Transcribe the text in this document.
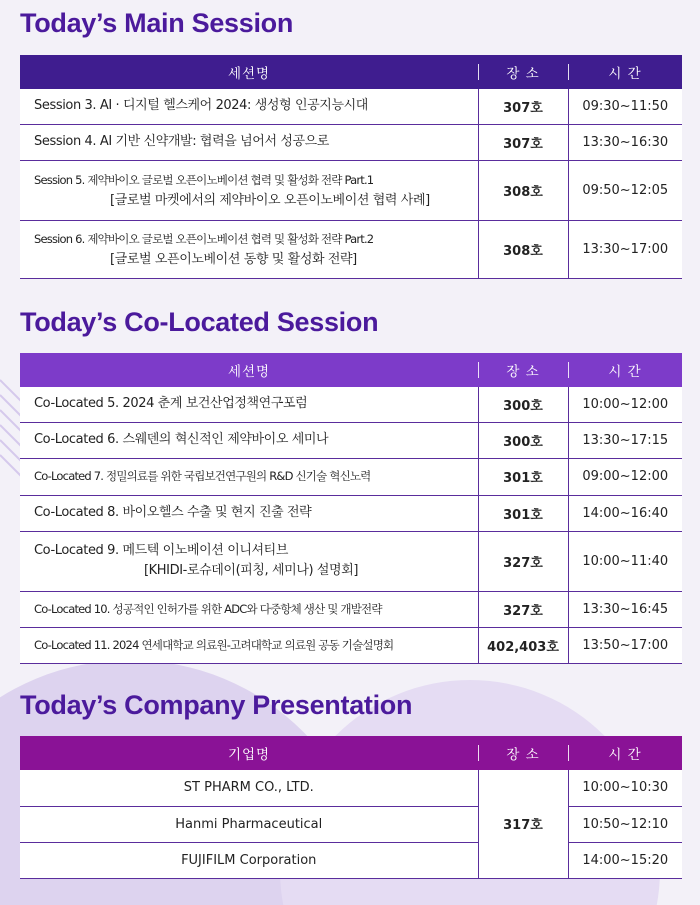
Today’s Main Session
세션명	장 소	시 간
Session 3. AI · 디지털 헬스케어 2024: 생성형 인공지능시대	307호	09:30~11:50
Session 4. AI 기반 신약개발: 협력을 넘어서 성공으로	307호	13:30~16:30
Session 5. 제약바이오 글로벌 오픈이노베이션 협력 및 활성화 전략 Part.1
[글로벌 마켓에서의 제약바이오 오픈이노베이션 협력 사례]	308호	09:50~12:05
Session 6. 제약바이오 글로벌 오픈이노베이션 협력 및 활성화 전략 Part.2
[글로벌 오픈이노베이션 동향 및 활성화 전략]	308호	13:30~17:00
Today’s Co-Located Session
세션명	장 소	시 간
Co-Located 5. 2024 춘계 보건산업정책연구포럼	300호	10:00~12:00
Co-Located 6. 스웨덴의 혁신적인 제약바이오 세미나	300호	13:30~17:15
Co-Located 7. 정밀의료를 위한 국립보건연구원의 R&D 신기술 혁신노력	301호	09:00~12:00
Co-Located 8. 바이오헬스 수출 및 현지 진출 전략	301호	14:00~16:40
Co-Located 9. 메드텍 이노베이션 이니셔티브
[KHIDI-로슈데이(피칭, 세미나) 설명회]	327호	10:00~11:40
Co-Located 10. 성공적인 인허가를 위한 ADC와 다중항체 생산 및 개발전략	327호	13:30~16:45
Co-Located 11. 2024 연세대학교 의료원-고려대학교 의료원 공동 기술설명회	402,403호	13:50~17:00
Today’s Company Presentation
기업명	장 소	시 간
ST PHARM CO., LTD.	317호	10:00~10:30
Hanmi Pharmaceutical		10:50~12:10
FUJIFILM Corporation		14:00~15:20
